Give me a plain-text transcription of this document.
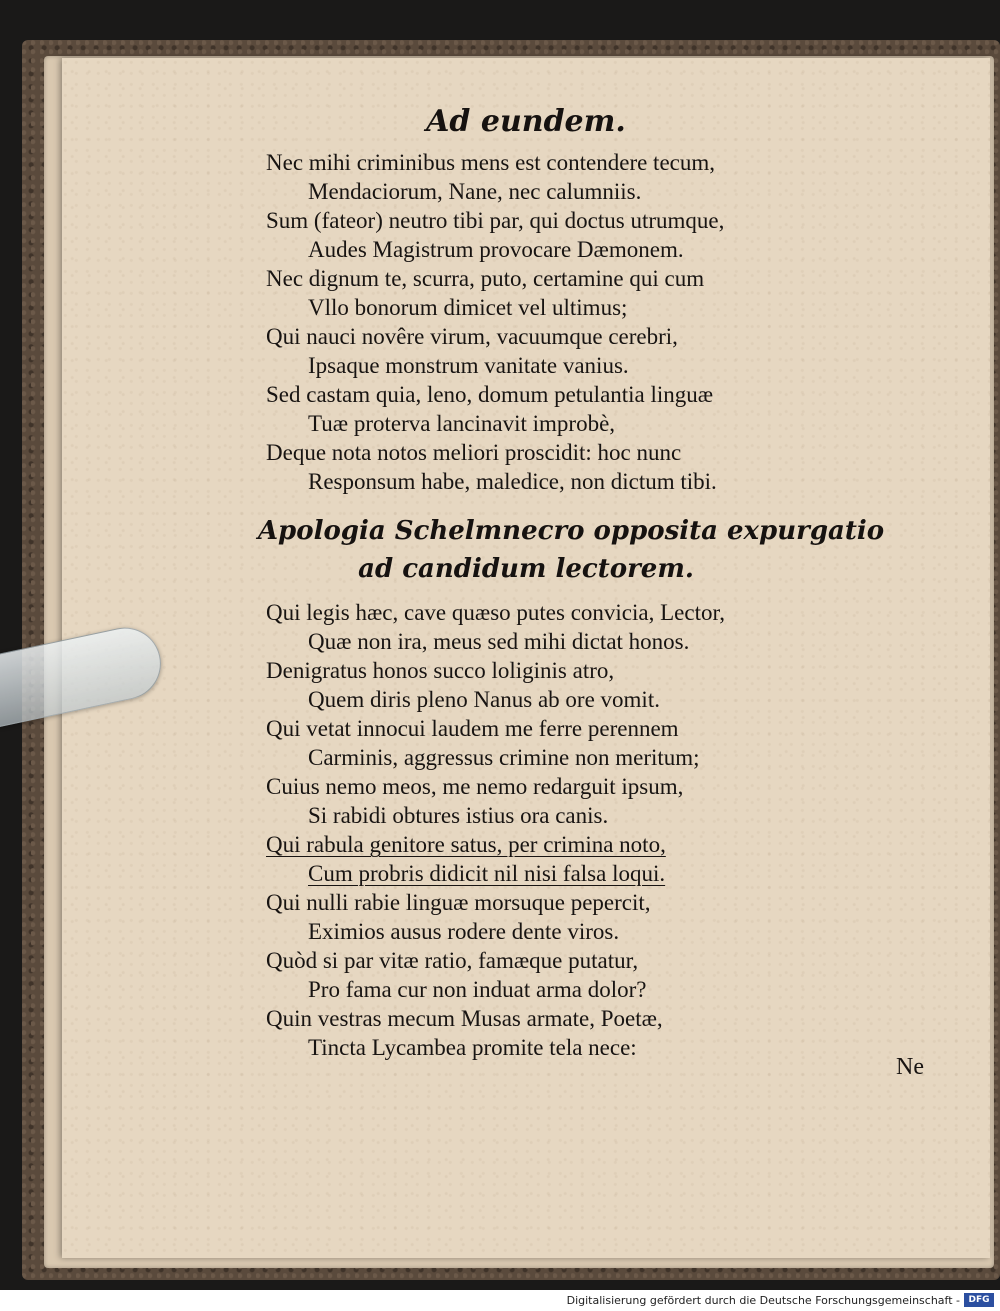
Ad eundem.
Nec mihi criminibus mens est contendere tecum,
Mendaciorum, Nane, nec calumniis.
Sum (fateor) neutro tibi par, qui doctus utrumque,
Audes Magistrum provocare Dæmonem.
Nec dignum te, scurra, puto, certamine qui cum
Vllo bonorum dimicet vel ultimus;
Qui nauci novêre virum, vacuumque cerebri,
Ipsaque monstrum vanitate vanius.
Sed castam quia, leno, domum petulantia linguæ
Tuæ proterva lancinavit improbè,
Deque nota notos meliori proscidit: hoc nunc
Responsum habe, maledice, non dictum tibi.
Apologia Schelmnecro opposita expurgatio
ad candidum lectorem.
Qui legis hæc, cave quæso putes convicia, Lector,
Quæ non ira, meus sed mihi dictat honos.
Denigratus honos succo loliginis atro,
Quem diris pleno Nanus ab ore vomit.
Qui vetat innocui laudem me ferre perennem
Carminis, aggressus crimine non meritum;
Cuius nemo meos, me nemo redarguit ipsum,
Si rabidi obtures istius ora canis.
Qui rabula genitore satus, per crimina noto,
Cum probris didicit nil nisi falsa loqui.
Qui nulli rabie linguæ morsuque pepercit,
Eximios ausus rodere dente viros.
Quòd si par vitæ ratio, famæque putatur,
Pro fama cur non induat arma dolor?
Quin vestras mecum Musas armate, Poetæ,
Tincta Lycambea promite tela nece:
Ne
Digitalisierung gefördert durch die Deutsche Forschungsgemeinschaft - DFG
